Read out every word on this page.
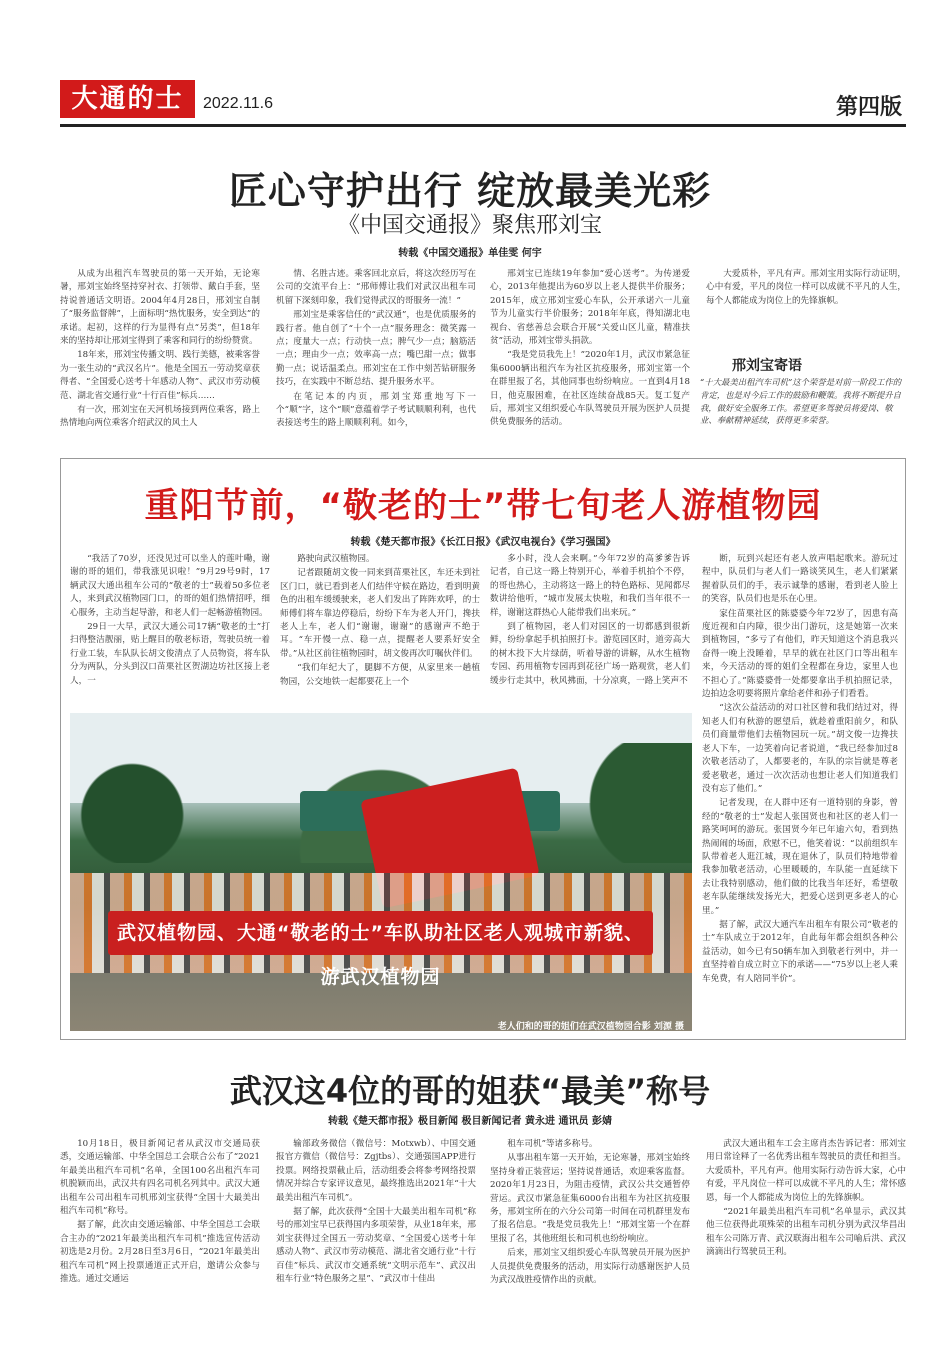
大通的士	2022.11.6	第四版
匠心守护出行 绽放最美光彩
《中国交通报》聚焦邢刘宝
转载《中国交通报》单佳雯 何宇

从成为出租汽车驾驶员的第一天开始，无论寒暑，邢刘宝始终坚持穿衬衣、打领带、戴白手套，坚持说普通话文明语。2004年4月28日，邢刘宝自制了“服务监督牌”，上面标明“热忱服务，安全到达”的承诺。起初，这样的行为显得有点“另类”，但18年来的坚持却让邢刘宝得到了乘客和同行的纷纷赞赏。

18年来，邢刘宝传播文明、践行美德，被乘客誉为一张生动的“武汉名片”。他是全国五一劳动奖章获得者、“全国爱心送考十年感动人物”、武汉市劳动模范、湖北省交通行业“十行百佳”标兵……

有一次，邢刘宝在天河机场接到两位乘客，路上热情地向两位乘客介绍武汉的风土人

情、名胜古迹。乘客回北京后，将这次经历写在公司的交流平台上：“邢师傅让我们对武汉出租车司机留下深刻印象，我们觉得武汉的哥服务一流！”

邢刘宝是乘客信任的“武汉通”，也是优质服务的践行者。他自创了“十个一点”服务理念：微笑露一点；度量大一点；行动快一点；脾气少一点；脑筋活一点；理由少一点；效率高一点；嘴巴甜一点；做事勤一点；说话温柔点。邢刘宝在工作中刻苦钻研服务技巧，在实践中不断总结、提升服务水平。

在笔记本的内页，邢刘宝郑重地写下一个“顺”字，这个“顺”意蕴着学子考试顺顺利利，也代表接送考生的路上顺顺利利。如今，

邢刘宝已连续19年参加“爱心送考”。为传递爱心，2013年他提出为60岁以上老人提供半价服务；2015年，成立邢刘宝爱心车队，公开承诺六一儿童节为儿童实行半价服务；2018年年底，得知湖北电视台、省慈善总会联合开展“关爱山区儿童，精准扶贫”活动，邢刘宝带头捐款。

“我是党员我先上！”2020年1月，武汉市紧急征集6000辆出租汽车为社区抗疫服务，邢刘宝第一个在群里报了名，其他同事也纷纷响应。一直到4月18日，他克服困难，在社区连续奋战85天。复工复产后，邢刘宝又组织爱心车队驾驶员开展为医护人员提供免费服务的活动。

大爱质朴，平凡有声。邢刘宝用实际行动证明，心中有爱，平凡的岗位一样可以成就不平凡的人生，每个人都能成为岗位上的先锋旗帜。

邢刘宝寄语
“十大最美出租汽车司机”这个荣誉是对前一阶段工作的肯定，也是对今后工作的鼓励和鞭策。我将不断提升自我，做好安全服务工作。希望更多驾驶员将爱岗、敬业、奉献精神延续，获得更多荣誉。
重阳节前，“敬老的士”带七旬老人游植物园
转载《楚天都市报》《长江日报》《武汉电视台》《学习强国》

“我活了70岁，还没见过可以坐人的莲叶嘞，谢谢的哥的姐们，带我涨见识啦！”9月29号9时，17辆武汉大通出租车公司的“敬老的士”载着50多位老人，来到武汉植物园门口，的哥的姐们热情招呼，细心服务，主动当起导游，和老人们一起畅游植物园。

29日一大早，武汉大通公司17辆“敬老的士”打扫得整洁靓丽，贴上醒目的敬老标语，驾驶员统一着行业工装，车队队长胡文俊清点了人员物资，将车队分为两队，分头到汉口苗栗社区贺湖边坊社区接上老人，一

路驶向武汉植物园。

记者跟随胡文俊一同来到苗栗社区，车还未到社区门口，就已看到老人们结伴守候在路边，看到明黄色的出租车缓缓驶来，老人们发出了阵阵欢呼，的士师傅们将车靠边停稳后，纷纷下车为老人开门，搀扶老人上车，老人们“谢谢，谢谢”的感谢声不绝于耳。“车开慢一点、稳一点，提醒老人要系好安全带。”从社区前往植物园时，胡文俊再次叮嘱伙伴们。

“我们年纪大了，腿脚不方便，从家里来一趟植物园，公交地铁一起都要花上一个

多小时，没人会来啊。”今年72岁的高爹爹告诉记者，自己这一路上特别开心，举着手机拍个不停，的哥也热心，主动将这一路上的特色路标、见闻都尽数讲给他听，“城市发展太快啦，和我们当年很不一样，谢谢这群热心人能带我们出来玩。”

到了植物园，老人们对园区的一切都感到很新鲜，纷纷拿起手机拍照打卡。游览园区时，道旁高大的树木投下大片绿荫，听着导游的讲解，从水生植物专园、药用植物专园再到花径广场一路观赏，老人们缓步行走其中，秋风拂面，十分凉爽，一路上笑声不

断，玩到兴起还有老人放声唱起歌来。游玩过程中，队员们与老人们一路谈笑风生，老人们紧紧握着队员们的手，表示诚挚的感谢，看到老人脸上的笑容，队员们也是乐在心里。

家住苗栗社区的陈婆婆今年72岁了，因患有高度近视和白内障，很少出门游玩，这是她第一次来到植物园，“多亏了有他们，昨天知道这个消息我兴奋得一晚上没睡着，早早的就在社区门口等出租车来，今天活动的哥的姐们全程都在身边，家里人也不担心了。”陈婆婆骨一处都要拿出手机拍照记录，边拍边念叨要将照片拿给老伴和孙子们看看。

“这次公益活动的对口社区曾和我们结过对，得知老人们有秋游的愿望后，就趁着重阳前夕，和队员们商量带他们去植物园玩一玩。”胡文俊一边搀扶老人下车，一边笑着向记者说道，“我已经参加过8次敬老活动了，人都要老的，车队的宗旨就是尊老爱老敬老，通过一次次活动也想让老人们知道我们没有忘了他们。”

记者发现，在人群中还有一道特别的身影，曾经的“敬老的士”发起人张国贤也和社区的老人们一路笑呵呵的游玩。张国贤今年已年逾六旬，看到热热闹闹的场面，欣慰不已，他笑着说：“以前组织车队带着老人逛江城，现在退休了，队员们特地带着我参加敬老活动，心里暖暖的，车队能一直延续下去让我特别感动，他们做的比我当年还好，希望敬老车队能继续发扬光大，把爱心送到更多老人的心里。”

据了解，武汉大通汽车出租车有限公司“敬老的士”车队成立于2012年，自此每年都会组织各种公益活动，如今已有50辆车加入到敬老行列中，并一直坚持着自成立时立下的承诺——“75岁以上老人乘车免费，有人陪同半价”。

武汉植物园、大通“敬老的士”车队助社区老人观城市新貌、游武汉植物园
老人们和的哥的姐们在武汉植物园合影 刘源 摄
武汉这4位的哥的姐获“最美”称号
转载《楚天都市报》极目新闻 极目新闻记者 黄永进 通讯员 彭婧

10月18日，极目新闻记者从武汉市交通局获悉，交通运输部、中华全国总工会联合公布了“2021年最美出租汽车司机”名单，全国100名出租汽车司机脱颖而出，武汉共有四名司机名列其中。武汉大通出租车公司出租车司机邢刘宝获得“全国十大最美出租汽车司机”称号。

据了解，此次由交通运输部、中华全国总工会联合主办的“2021年最美出租汽车司机”推选宣传活动初选是2月份。2月28日至3月6日，“2021年最美出租汽车司机”网上投票通道正式开启，邀请公众参与推选。通过交通运

输部政务微信（微信号：Motxwb）、中国交通报官方微信（微信号：Zgjtbs）、交通强国APP进行投票。网络投票截止后，活动组委会将参考网络投票情况并综合专家评议意见，最终推选出2021年“十大最美出租汽车司机”。

据了解，此次获得“全国十大最美出租车司机”称号的邢刘宝早已获得国内多项荣誉，从业18年来，邢刘宝获得过全国五一劳动奖章、“全国爱心送考十年感动人物”、武汉市劳动模范、湖北省交通行业“十行百佳”标兵、武汉市交通系统“文明示范车”、武汉出租车行业“特色服务之星”、“武汉市十佳出

租车司机”等诸多称号。

从事出租车第一天开始，无论寒暑，邢刘宝始终坚持身着正装营运；坚持说普通话，欢迎乘客监督。2020年1月23日，为阻击疫情，武汉公共交通暂停营运。武汉市紧急征集6000台出租车为社区抗疫服务，邢刘宝所在的六分公司第一时间在司机群里发布了报名信息。“我是党员我先上！”邢刘宝第一个在群里报了名，其他班组长和司机也纷纷响应。

后来，邢刘宝又组织爱心车队驾驶员开展为医护人员提供免费服务的活动，用实际行动感谢医护人员为武汉战胜疫情作出的贡献。

武汉大通出租车工会主席肖杰告诉记者：邢刘宝用日常诠释了一名优秀出租车驾驶员的责任和担当。大爱质朴，平凡有声。他用实际行动告诉大家，心中有爱，平凡岗位一样可以成就不平凡的人生；常怀感恩，每一个人都能成为岗位上的先锋旗帜。

“2021年最美出租汽车司机”名单显示，武汉其他三位获得此项殊荣的出租车司机分别为武汉华昌出租车公司陈万青、武汉联海出租车公司喻后洪、武汉滴滴出行驾驶员王利。
